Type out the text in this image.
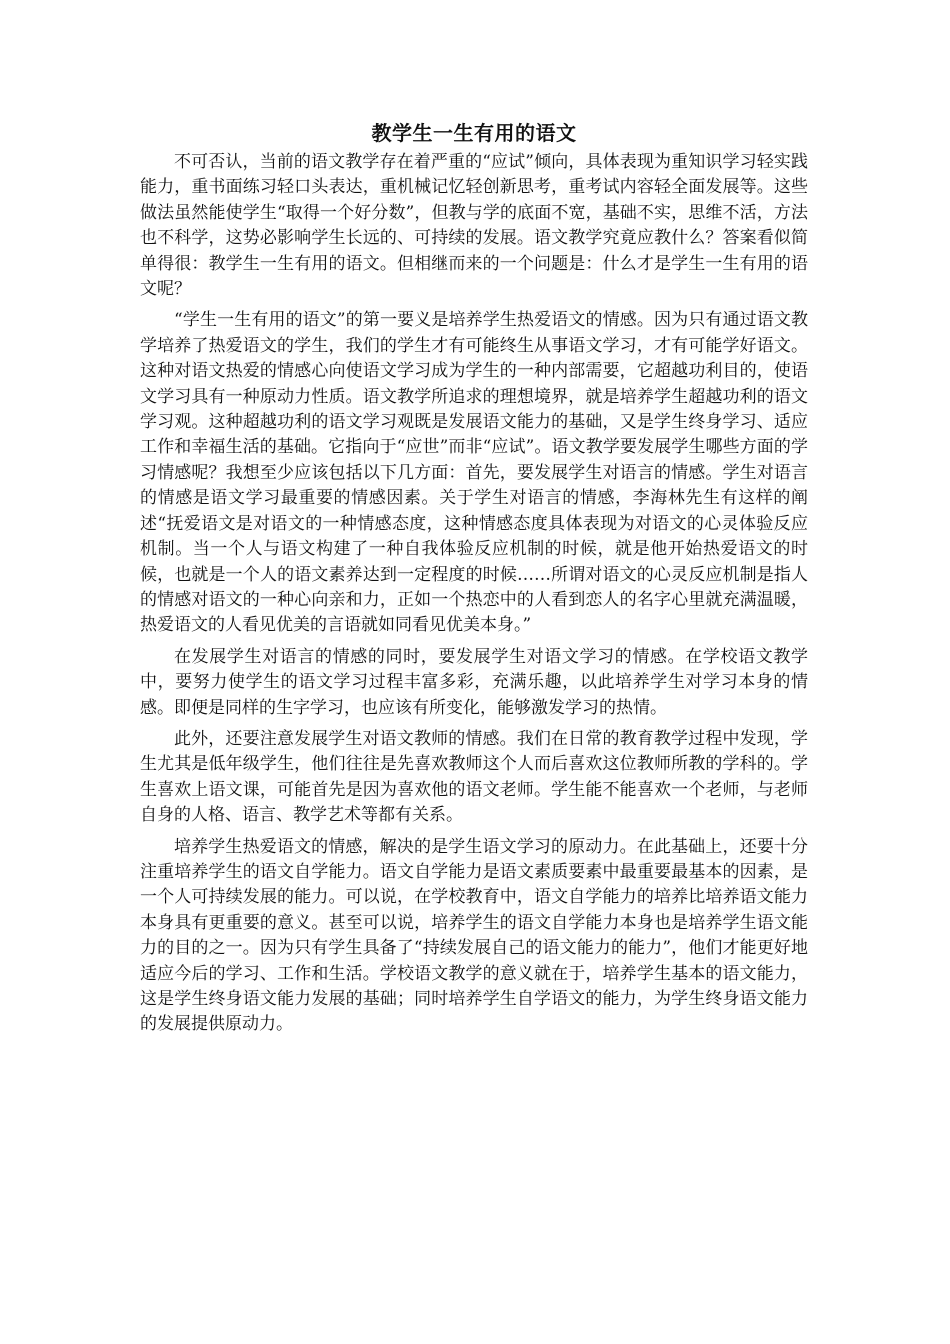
教学生一生有用的语文

不可否认，当前的语文教学存在着严重的“应试”倾向，具体表现为重知识学习轻实践能力，重书面练习轻口头表达，重机械记忆轻创新思考，重考试内容轻全面发展等。这些做法虽然能使学生“取得一个好分数”，但教与学的底面不宽，基础不实，思维不活，方法也不科学，这势必影响学生长远的、可持续的发展。语文教学究竟应教什么？答案看似简单得很：教学生一生有用的语文。但相继而来的一个问题是：什么才是学生一生有用的语文呢？

“学生一生有用的语文”的第一要义是培养学生热爱语文的情感。因为只有通过语文教学培养了热爱语文的学生，我们的学生才有可能终生从事语文学习，才有可能学好语文。这种对语文热爱的情感心向使语文学习成为学生的一种内部需要，它超越功利目的，使语文学习具有一种原动力性质。语文教学所追求的理想境界，就是培养学生超越功利的语文学习观。这种超越功利的语文学习观既是发展语文能力的基础，又是学生终身学习、适应工作和幸福生活的基础。它指向于“应世”而非“应试”。语文教学要发展学生哪些方面的学习情感呢？我想至少应该包括以下几方面：首先，要发展学生对语言的情感。学生对语言的情感是语文学习最重要的情感因素。关于学生对语言的情感，李海林先生有这样的阐述“抚爱语文是对语文的一种情感态度，这种情感态度具体表现为对语文的心灵体验反应机制。当一个人与语文构建了一种自我体验反应机制的时候，就是他开始热爱语文的时候，也就是一个人的语文素养达到一定程度的时候……所谓对语文的心灵反应机制是指人的情感对语文的一种心向亲和力，正如一个热恋中的人看到恋人的名字心里就充满温暖，热爱语文的人看见优美的言语就如同看见优美本身。”

在发展学生对语言的情感的同时，要发展学生对语文学习的情感。在学校语文教学中，要努力使学生的语文学习过程丰富多彩，充满乐趣，以此培养学生对学习本身的情感。即便是同样的生字学习，也应该有所变化，能够激发学习的热情。

此外，还要注意发展学生对语文教师的情感。我们在日常的教育教学过程中发现，学生尤其是低年级学生，他们往往是先喜欢教师这个人而后喜欢这位教师所教的学科的。学生喜欢上语文课，可能首先是因为喜欢他的语文老师。学生能不能喜欢一个老师，与老师自身的人格、语言、教学艺术等都有关系。

培养学生热爱语文的情感，解决的是学生语文学习的原动力。在此基础上，还要十分注重培养学生的语文自学能力。语文自学能力是语文素质要素中最重要最基本的因素，是一个人可持续发展的能力。可以说，在学校教育中，语文自学能力的培养比培养语文能力本身具有更重要的意义。甚至可以说，培养学生的语文自学能力本身也是培养学生语文能力的目的之一。因为只有学生具备了“持续发展自己的语文能力的能力”，他们才能更好地适应今后的学习、工作和生活。学校语文教学的意义就在于，培养学生基本的语文能力，这是学生终身语文能力发展的基础；同时培养学生自学语文的能力，为学生终身语文能力的发展提供原动力。
